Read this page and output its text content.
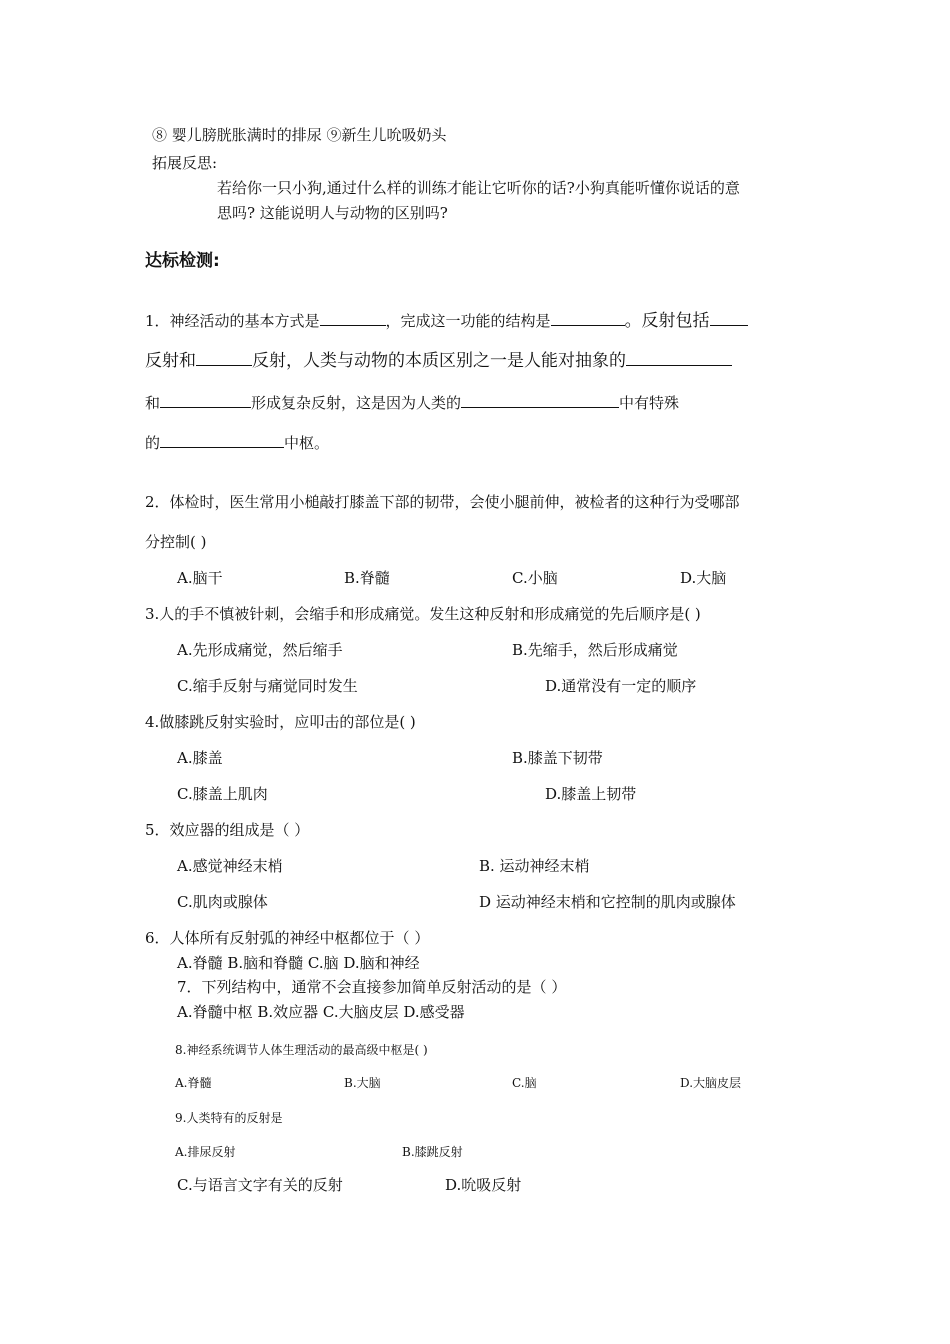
⑧ 婴儿膀胱胀满时的排尿 ⑨新生儿吮吸奶头
拓展反思:
若给你一只小狗,通过什么样的训练才能让它听你的话?小狗真能听懂你说话的意
思吗? 这能说明人与动物的区别吗?
达标检测:
1．神经活动的基本方式是	，完成这一功能的结构是	。反射包括
反射和	反射，人类与动物的本质区别之一是人能对抽象的
和	形成复杂反射，这是因为人类的	中有特殊
的	中枢。
2．体检时，医生常用小槌敲打膝盖下部的韧带，会使小腿前伸，被检者的这种行为受哪部
分控制( )
A.脑干	B.脊髓	C.小脑	D.大脑
3.人的手不慎被针刺，会缩手和形成痛觉。发生这种反射和形成痛觉的先后顺序是( )
A.先形成痛觉，然后缩手	B.先缩手，然后形成痛觉
C.缩手反射与痛觉同时发生	D.通常没有一定的顺序
4.做膝跳反射实验时，应叩击的部位是( )
A.膝盖	B.膝盖下韧带
C.膝盖上肌肉	D.膝盖上韧带
5．效应器的组成是（ ）
A.感觉神经末梢	B. 运动神经末梢
C.肌肉或腺体	D 运动神经末梢和它控制的肌肉或腺体
6．人体所有反射弧的神经中枢都位于（ ）
A.脊髓 B.脑和脊髓 C.脑 D.脑和神经
7．下列结构中，通常不会直接参加简单反射活动的是（ ）
A.脊髓中枢 B.效应器 C.大脑皮层 D.感受器
8.神经系统调节人体生理活动的最高级中枢是( )
A.脊髓	B.大脑	C.脑	D.大脑皮层
9.人类特有的反射是
A.排尿反射	B.膝跳反射
C.与语言文字有关的反射	D.吮吸反射
